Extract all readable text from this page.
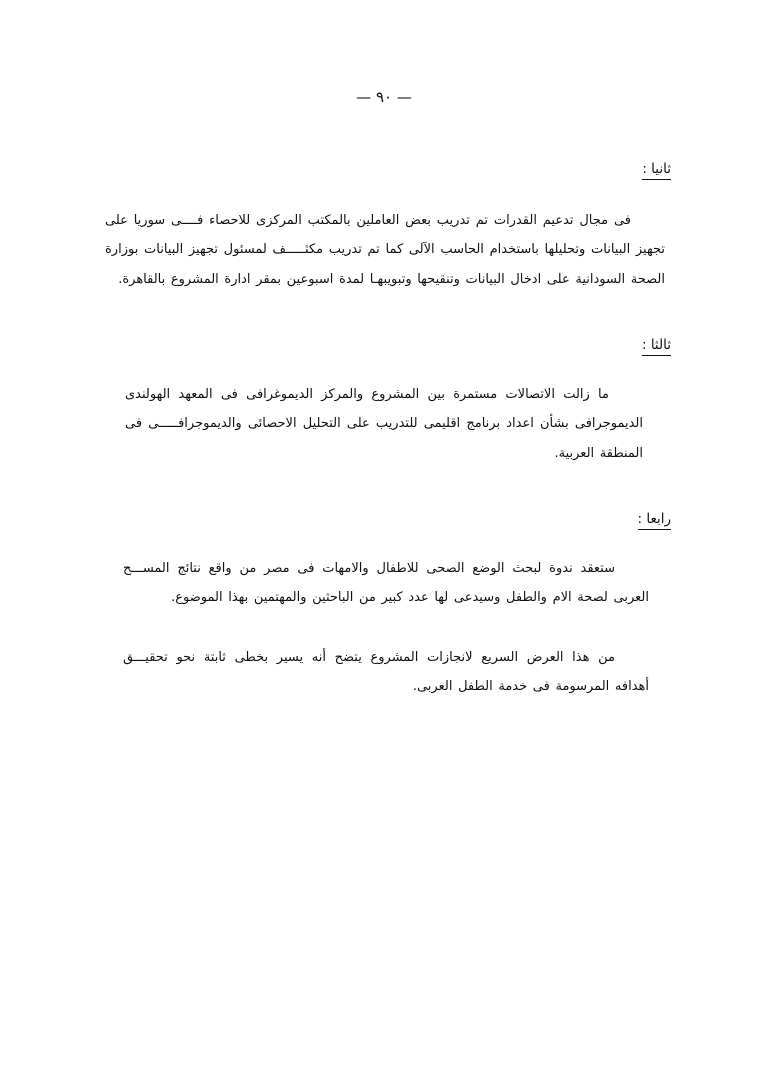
— ٩٠ —
ثانيا :

فى مجال تدعيم القدرات تم تدريب بعض العاملين بالمكتب المركزى للاحصاء فــــى سوريا على تجهيز البيانات وتحليلها باستخدام الحاسب الآلى كما تم تدريب مكثـــــف لمسئول تجهيز البيانات بوزارة الصحة السودانية على ادخال البيانات وتنقيحها وتبويبهـا لمدة اسبوعين بمقر ادارة المشروع بالقاهرة.

ثالثا :

ما زالت الاتصالات مستمرة بين المشروع والمركز الديموغرافى فى المعهد الهولندى الديموجرافى بشأن اعداد برنامج اقليمى للتدريب على التحليل الاحصائى والديموجرافـــــى فى المنطقة العربية.

رابعا :

ستعقد ندوة لبحث الوضع الصحى للاطفال والامهات فى مصر من واقع نتائج المســـح العربى لصحة الام والطفل وسيدعى لها عدد كبير من الباحثين والمهتمين بهذا الموضوع.

من هذا العرض السريع لانجازات المشروع يتضح أنه يسير بخطى ثابتة نحو تحقيـــق أهدافه المرسومة فى خدمة الطفل العربى.
